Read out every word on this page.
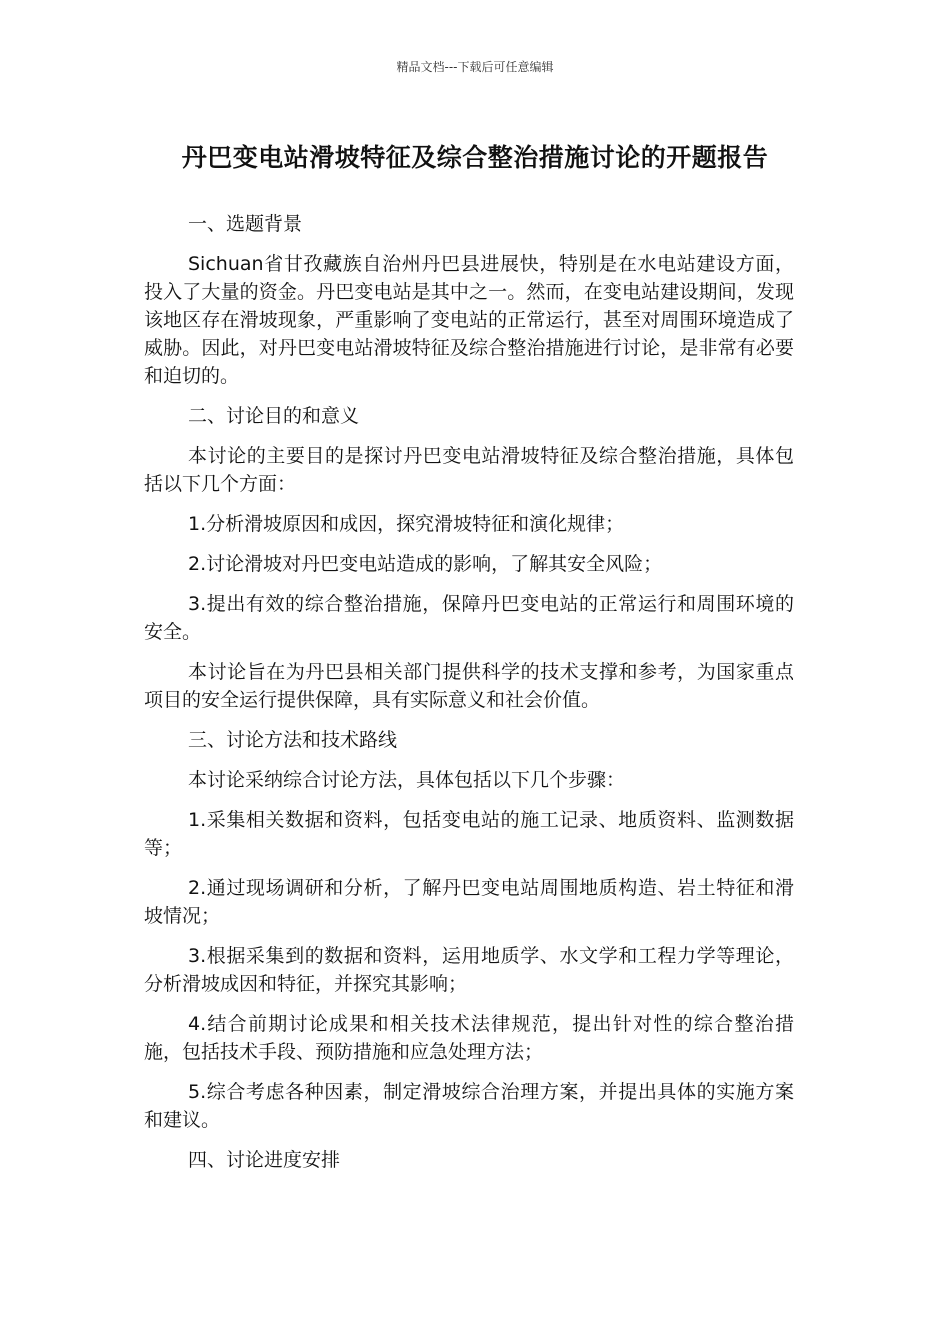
精品文档---下载后可任意编辑
丹巴变电站滑坡特征及综合整治措施讨论的开题报告

一、选题背景

Sichuan省甘孜藏族自治州丹巴县进展快，特别是在水电站建设方面，投入了大量的资金。丹巴变电站是其中之一。然而，在变电站建设期间，发现该地区存在滑坡现象，严重影响了变电站的正常运行，甚至对周围环境造成了威胁。因此，对丹巴变电站滑坡特征及综合整治措施进行讨论，是非常有必要和迫切的。

二、讨论目的和意义

本讨论的主要目的是探讨丹巴变电站滑坡特征及综合整治措施，具体包括以下几个方面：

1.分析滑坡原因和成因，探究滑坡特征和演化规律；

2.讨论滑坡对丹巴变电站造成的影响，了解其安全风险；

3.提出有效的综合整治措施，保障丹巴变电站的正常运行和周围环境的安全。

本讨论旨在为丹巴县相关部门提供科学的技术支撑和参考，为国家重点项目的安全运行提供保障，具有实际意义和社会价值。

三、讨论方法和技术路线

本讨论采纳综合讨论方法，具体包括以下几个步骤：

1.采集相关数据和资料，包括变电站的施工记录、地质资料、监测数据等；

2.通过现场调研和分析，了解丹巴变电站周围地质构造、岩土特征和滑坡情况；

3.根据采集到的数据和资料，运用地质学、水文学和工程力学等理论，分析滑坡成因和特征，并探究其影响；

4.结合前期讨论成果和相关技术法律规范，提出针对性的综合整治措施，包括技术手段、预防措施和应急处理方法；

5.综合考虑各种因素，制定滑坡综合治理方案，并提出具体的实施方案和建议。

四、讨论进度安排
